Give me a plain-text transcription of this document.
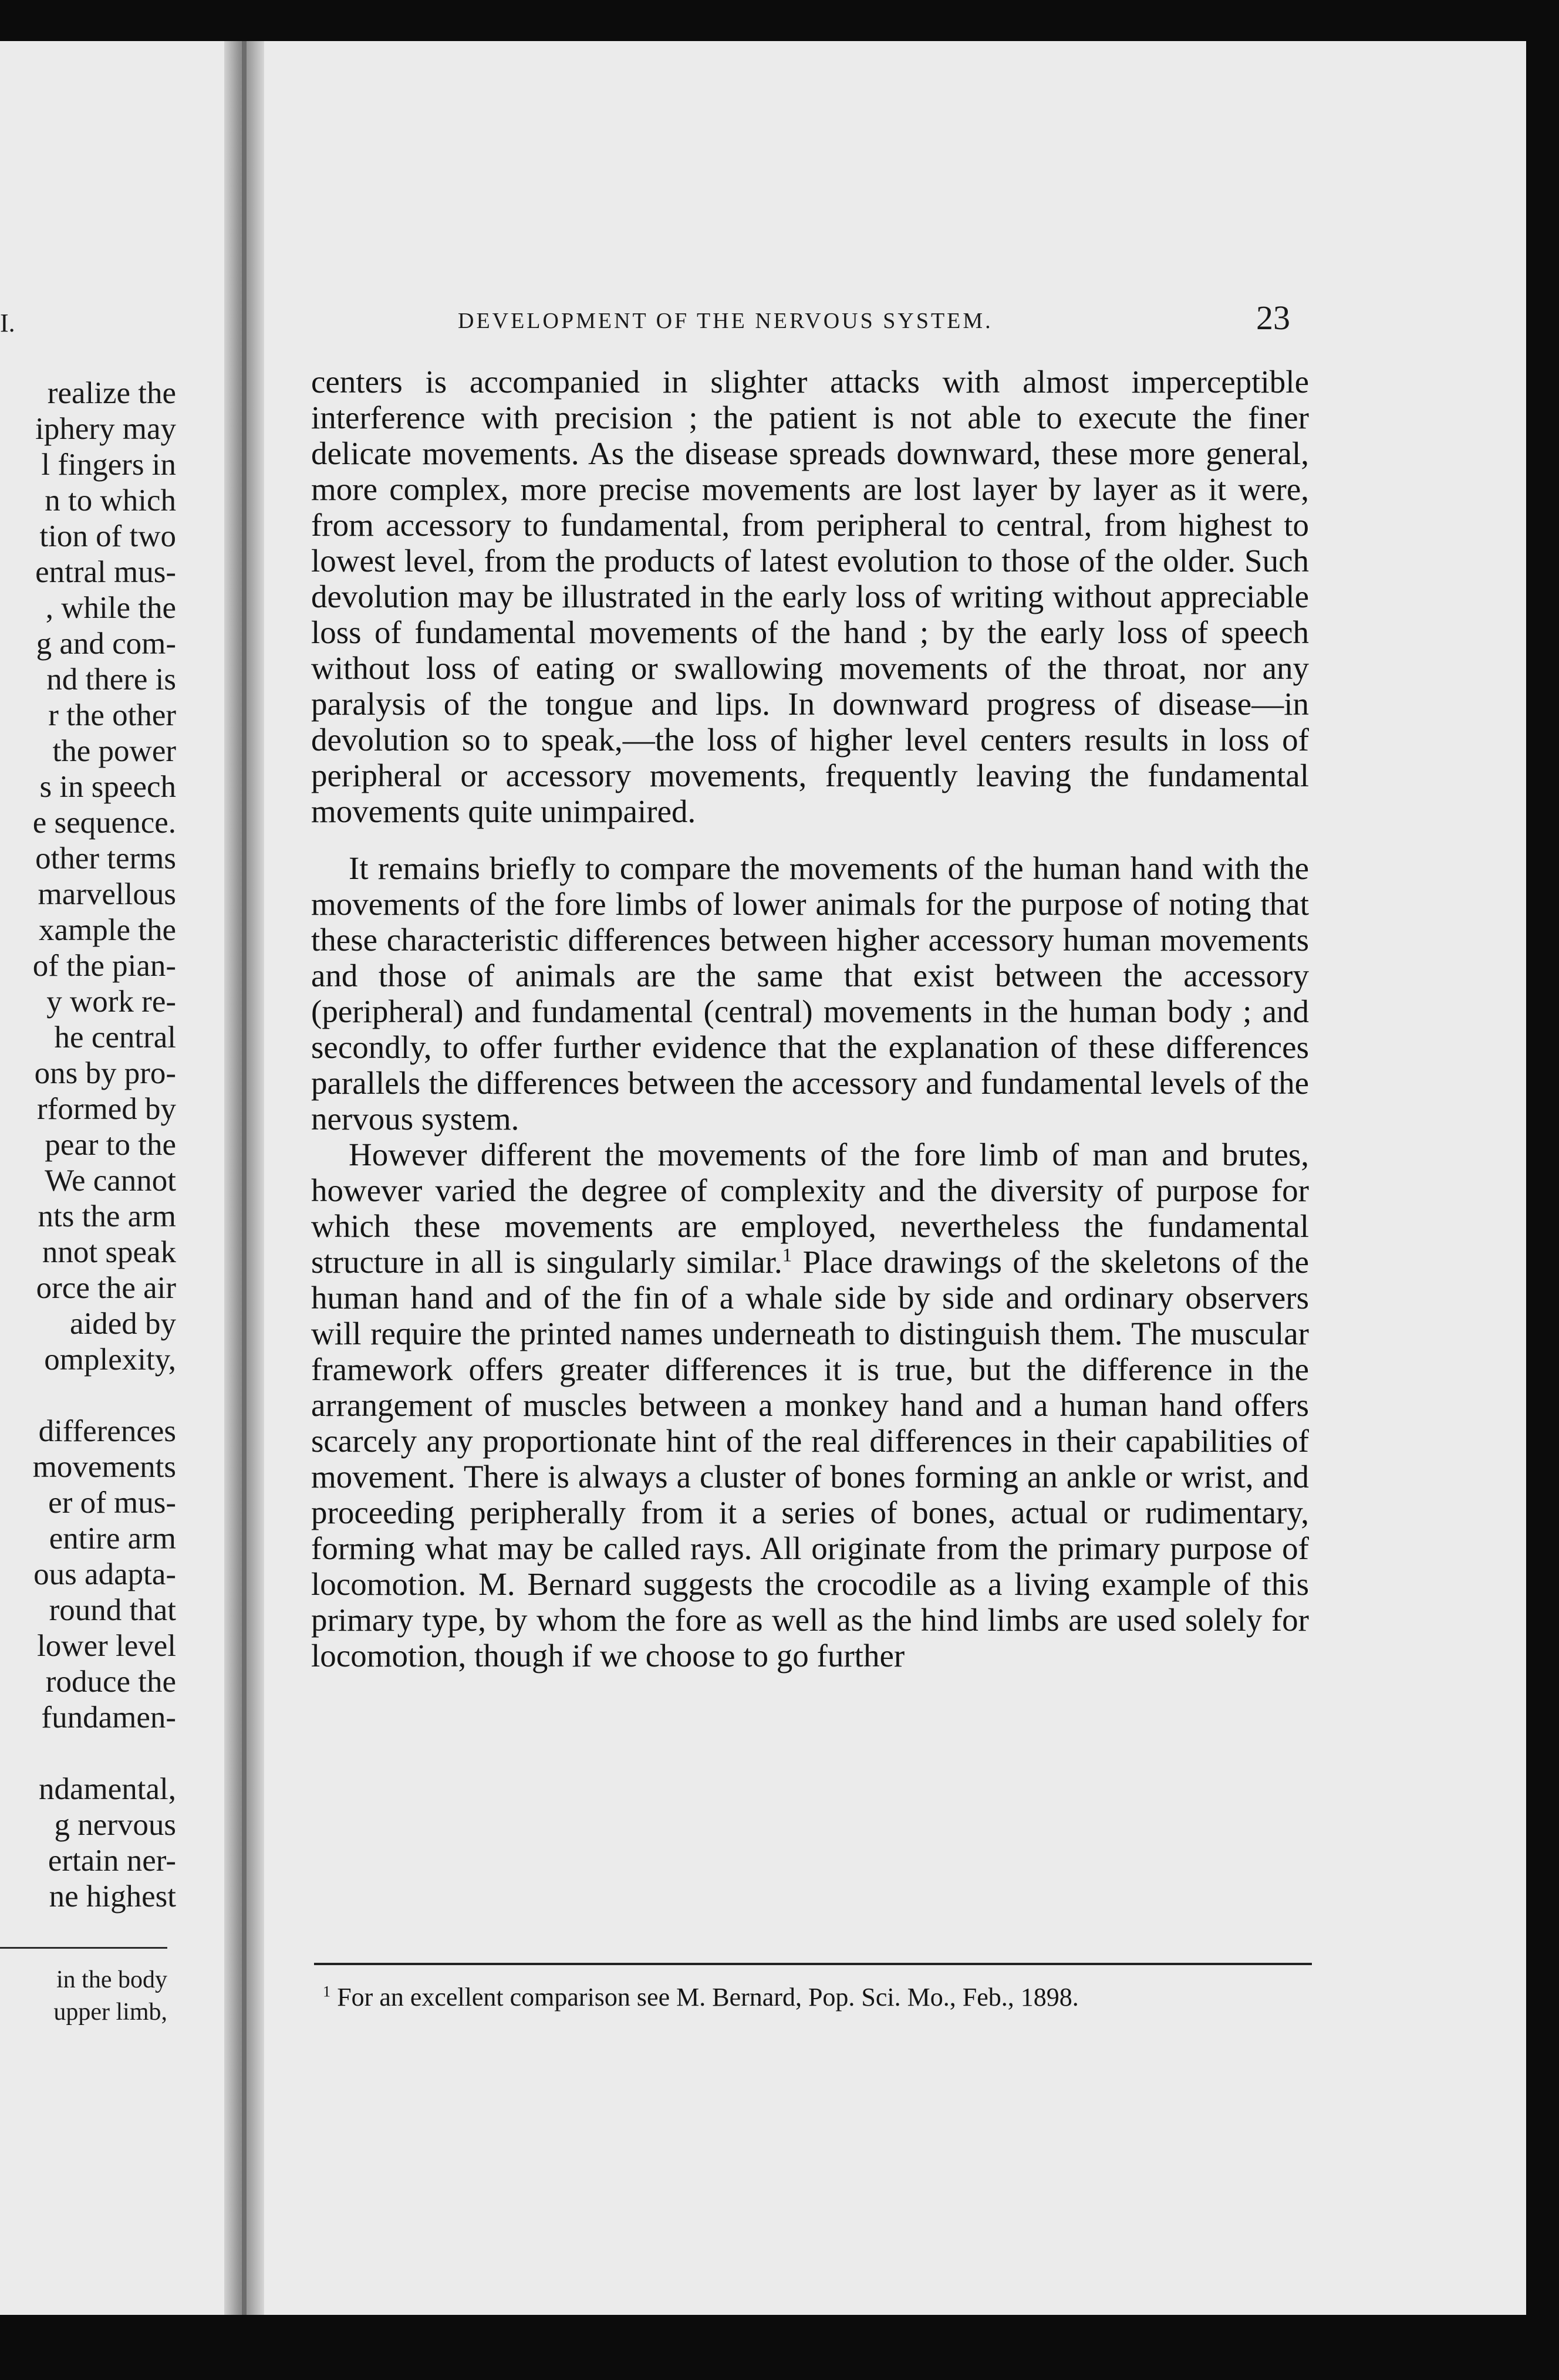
I.
realize the
iphery may
l fingers in
n to which
tion of two
entral mus-
, while the
g and com-
nd there is
r the other
the power
s in speech
e sequence.
other terms
marvellous
xample the
of the pian-
y work re-
he central
ons by pro-
rformed by
pear to the
We cannot
nts the arm
nnot speak
orce the air
aided by
omplexity,
differences
movements
er of mus-
entire arm
ous adapta-
round that
lower level
roduce the
fundamen-
ndamental,
g nervous
ertain ner-
ne highest
in the body
upper limb,
DEVELOPMENT OF THE NERVOUS SYSTEM.	23

centers is accompanied in slighter attacks with almost imperceptible interference with precision ; the patient is not able to execute the finer delicate movements. As the disease spreads downward, these more general, more complex, more precise movements are lost layer by layer as it were, from accessory to fundamental, from peripheral to central, from highest to lowest level, from the products of latest evolution to those of the older. Such devolution may be illustrated in the early loss of writing without appreciable loss of fundamental movements of the hand ; by the early loss of speech without loss of eating or swallowing movements of the throat, nor any paralysis of the tongue and lips. In downward progress of disease—in devolution so to speak,—the loss of higher level centers results in loss of peripheral or accessory movements, frequently leaving the fundamental movements quite unimpaired.

It remains briefly to compare the movements of the human hand with the movements of the fore limbs of lower animals for the purpose of noting that these characteristic differences between higher accessory human movements and those of animals are the same that exist between the accessory (peripheral) and fundamental (central) movements in the human body ; and secondly, to offer further evidence that the explanation of these differences parallels the differences between the accessory and fundamental levels of the nervous system.

However different the movements of the fore limb of man and brutes, however varied the degree of complexity and the diversity of purpose for which these movements are employed, nevertheless the fundamental structure in all is singularly similar.$^1$ Place drawings of the skeletons of the human hand and of the fin of a whale side by side and ordinary observers will require the printed names underneath to distinguish them. The muscular framework offers greater differences it is true, but the difference in the arrangement of muscles between a monkey hand and a human hand offers scarcely any proportionate hint of the real differences in their capabilities of movement. There is always a cluster of bones forming an ankle or wrist, and proceeding peripherally from it a series of bones, actual or rudimentary, forming what may be called rays. All originate from the primary purpose of locomotion. M. Bernard suggests the crocodile as a living example of this primary type, by whom the fore as well as the hind limbs are used solely for locomotion, though if we choose to go further

$^1$ For an excellent comparison see M. Bernard, Pop. Sci. Mo., Feb., 1898.
